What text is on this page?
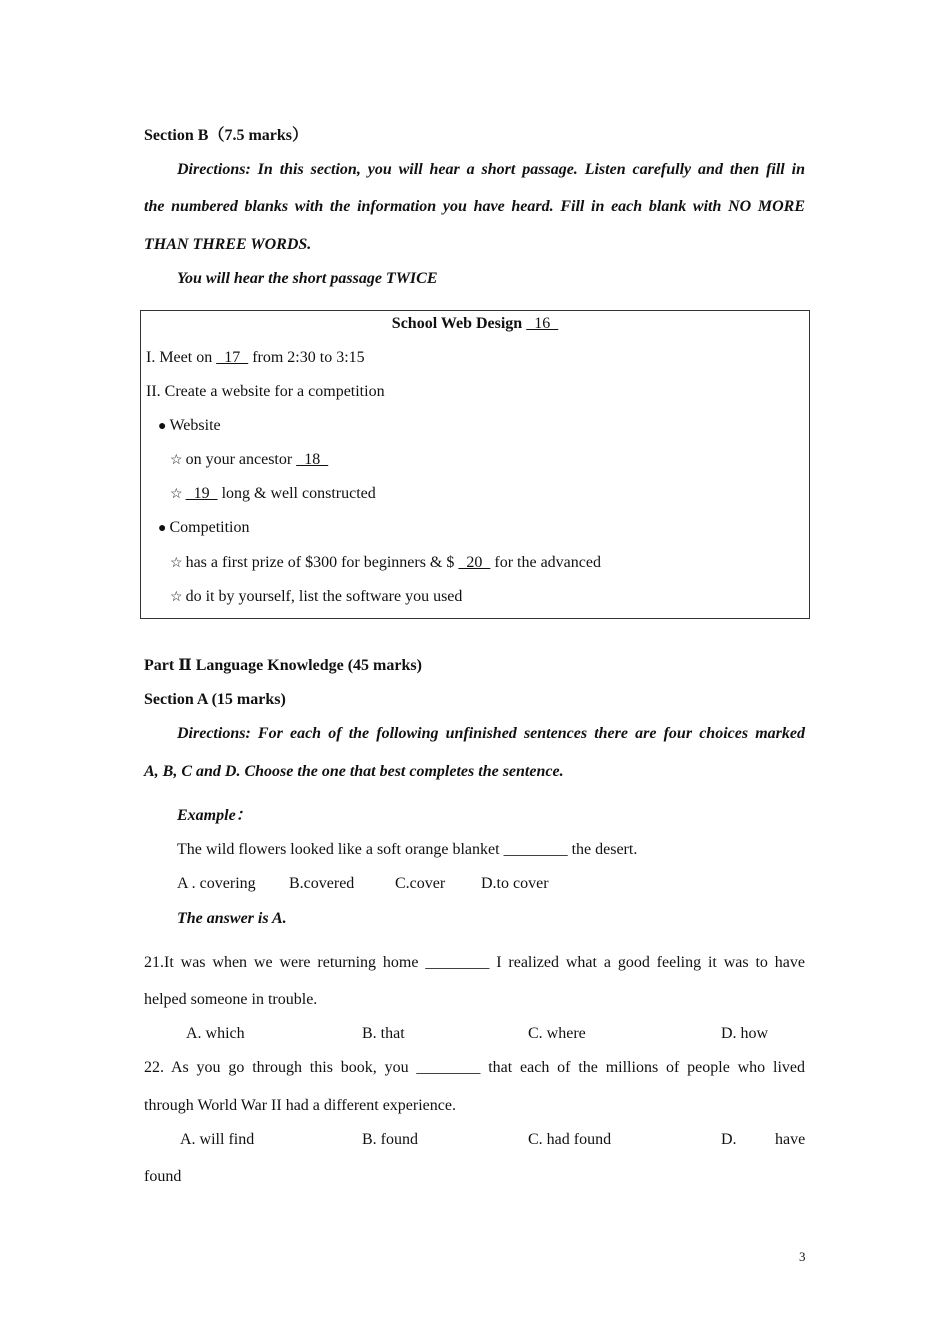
Section B（7.5 marks）
Directions: In this section, you will hear a short passage. Listen carefully and then fill in
the numbered blanks with the information you have heard. Fill in each blank with NO MORE
THAN THREE WORDS.
You will hear the short passage TWICE
School Web Design   16
I. Meet on   17   from 2:30 to 3:15
II. Create a website for a competition
● Website
☆ on your ancestor   18
☆  19   long & well constructed
● Competition
☆ has a first prize of $300 for beginners & $   20   for the advanced
☆ do it by yourself, list the software you used
Part Ⅱ Language Knowledge (45 marks)
Section A (15 marks)
Directions: For each of the following unfinished sentences there are four choices marked
A, B, C and D. Choose the one that best completes the sentence.
Example：
The wild flowers looked like a soft orange blanket ________ the desert.
A . covering B.covered	C.cover D.to cover
The answer is A.
21.It was when we were returning home ________ I realized what a good feeling it was to have
helped someone in trouble.
A. which	B. that	C. where	D. how
22. As you go through this book, you ________ that each of the millions of people who lived
through World War II had a different experience.
A. will find	B. found	C. had found	D. have
found
3
